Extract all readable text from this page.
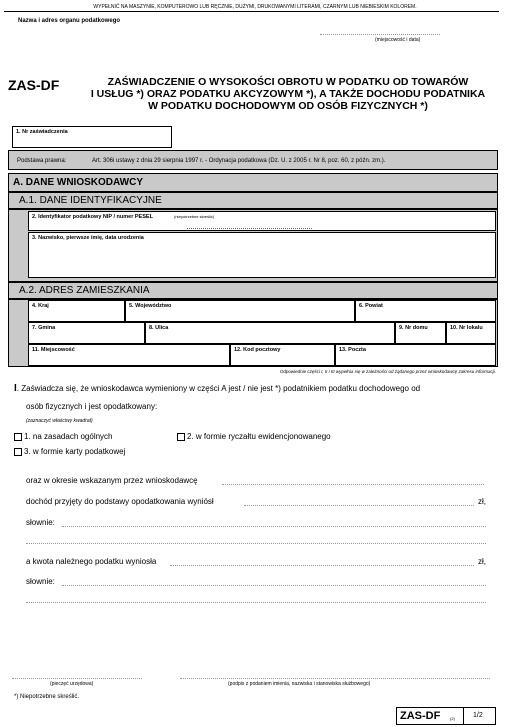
WYPEŁNIĆ NA MASZYNIE, KOMPUTEROWO LUB RĘCZNIE, DUŻYMI, DRUKOWANYMI LITERAMI, CZARNYM LUB NIEBIESKIM KOLOREM.
Nazwa i adres organu podatkowego
(miejscowość i data)
ZAS-DF	ZAŚWIADCZENIE O WYSOKOŚCI OBROTU W PODATKU OD TOWARÓW
I USŁUG *) ORAZ PODATKU AKCYZOWYM *), A TAKŻE DOCHODU PODATNIKA
W PODATKU DOCHODOWYM OD OSÓB FIZYCZNYCH *)
1. Nr zaświadczenia
Podstawa prawna:	Art. 306i ustawy z dnia 29 sierpnia 1997 r. - Ordynacja podatkowa (Dz. U. z 2005 r. Nr 8, poz. 60, z późn. zm.).
A. DANE WNIOSKODAWCY
A.1. DANE IDENTYFIKACYJNE
2. Identyfikator podatkowy NIP / numer PESEL	(niepotrzebne skreślić)
3. Nazwisko, pierwsze imię, data urodzenia
A.2. ADRES ZAMIESZKANIA
4. Kraj	5. Województwo	6. Powiat
7. Gmina	8. Ulica	9. Nr domu	10. Nr lokalu
11. Miejscowość	12. Kod pocztowy	13. Poczta
Odpowiednie części I, II i III wypełnia się w zależności od żądanego przez wnioskodawcę zakresu informacji.
I. Zaświadcza się, że wnioskodawca wymieniony w części A jest / nie jest *) podatnikiem podatku dochodowego od
osób fizycznych i jest opodatkowany:
(zaznaczyć właściwy kwadrat)
1. na zasadach ogólnych	2. w formie ryczałtu ewidencjonowanego
3. w formie karty podatkowej
oraz w okresie wskazanym przez wnioskodawcę
dochód przyjęty do podstawy opodatkowania wyniósł	zł,
słownie:
a kwota należnego podatku wyniosła	zł,
słownie:
(pieczęć urzędowa)	(podpis z podaniem imienia, nazwiska i stanowiska służbowego)
*) Niepotrzebne skreślić.
ZAS-DF (2)	1/2
